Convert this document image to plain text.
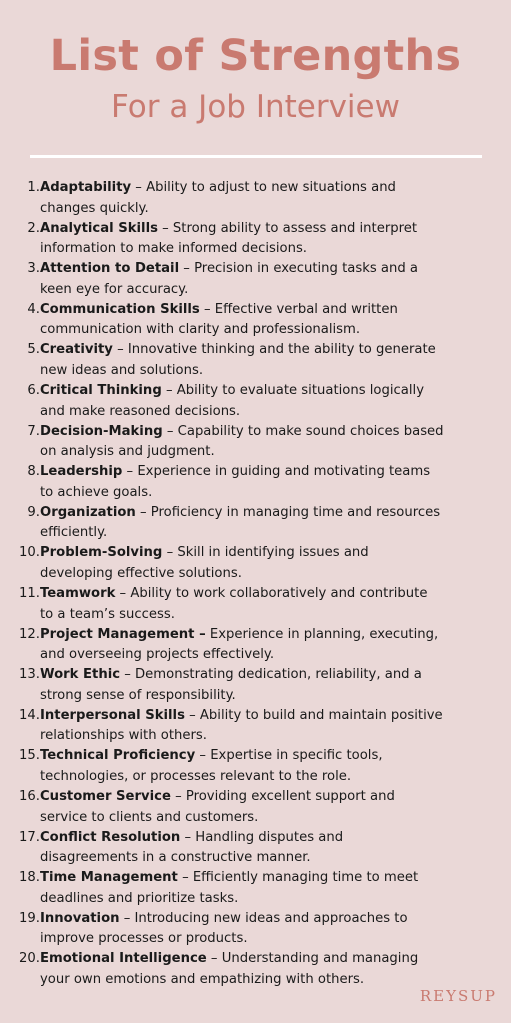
List of Strengths
For a Job Interview
1. Adaptability – Ability to adjust to new situations and
changes quickly.
2. Analytical Skills – Strong ability to assess and interpret
information to make informed decisions.
3. Attention to Detail – Precision in executing tasks and a
keen eye for accuracy.
4. Communication Skills – Effective verbal and written
communication with clarity and professionalism.
5. Creativity – Innovative thinking and the ability to generate
new ideas and solutions.
6. Critical Thinking – Ability to evaluate situations logically
and make reasoned decisions.
7. Decision-Making – Capability to make sound choices based
on analysis and judgment.
8. Leadership – Experience in guiding and motivating teams
to achieve goals.
9. Organization – Proficiency in managing time and resources
efficiently.
10. Problem-Solving – Skill in identifying issues and
developing effective solutions.
11. Teamwork – Ability to work collaboratively and contribute
to a team’s success.
12. Project Management – Experience in planning, executing,
and overseeing projects effectively.
13. Work Ethic – Demonstrating dedication, reliability, and a
strong sense of responsibility.
14. Interpersonal Skills – Ability to build and maintain positive
relationships with others.
15. Technical Proficiency – Expertise in specific tools,
technologies, or processes relevant to the role.
16. Customer Service – Providing excellent support and
service to clients and customers.
17. Conflict Resolution – Handling disputes and
disagreements in a constructive manner.
18. Time Management – Efficiently managing time to meet
deadlines and prioritize tasks.
19. Innovation – Introducing new ideas and approaches to
improve processes or products.
20. Emotional Intelligence – Understanding and managing
your own emotions and empathizing with others.
REYSUP
